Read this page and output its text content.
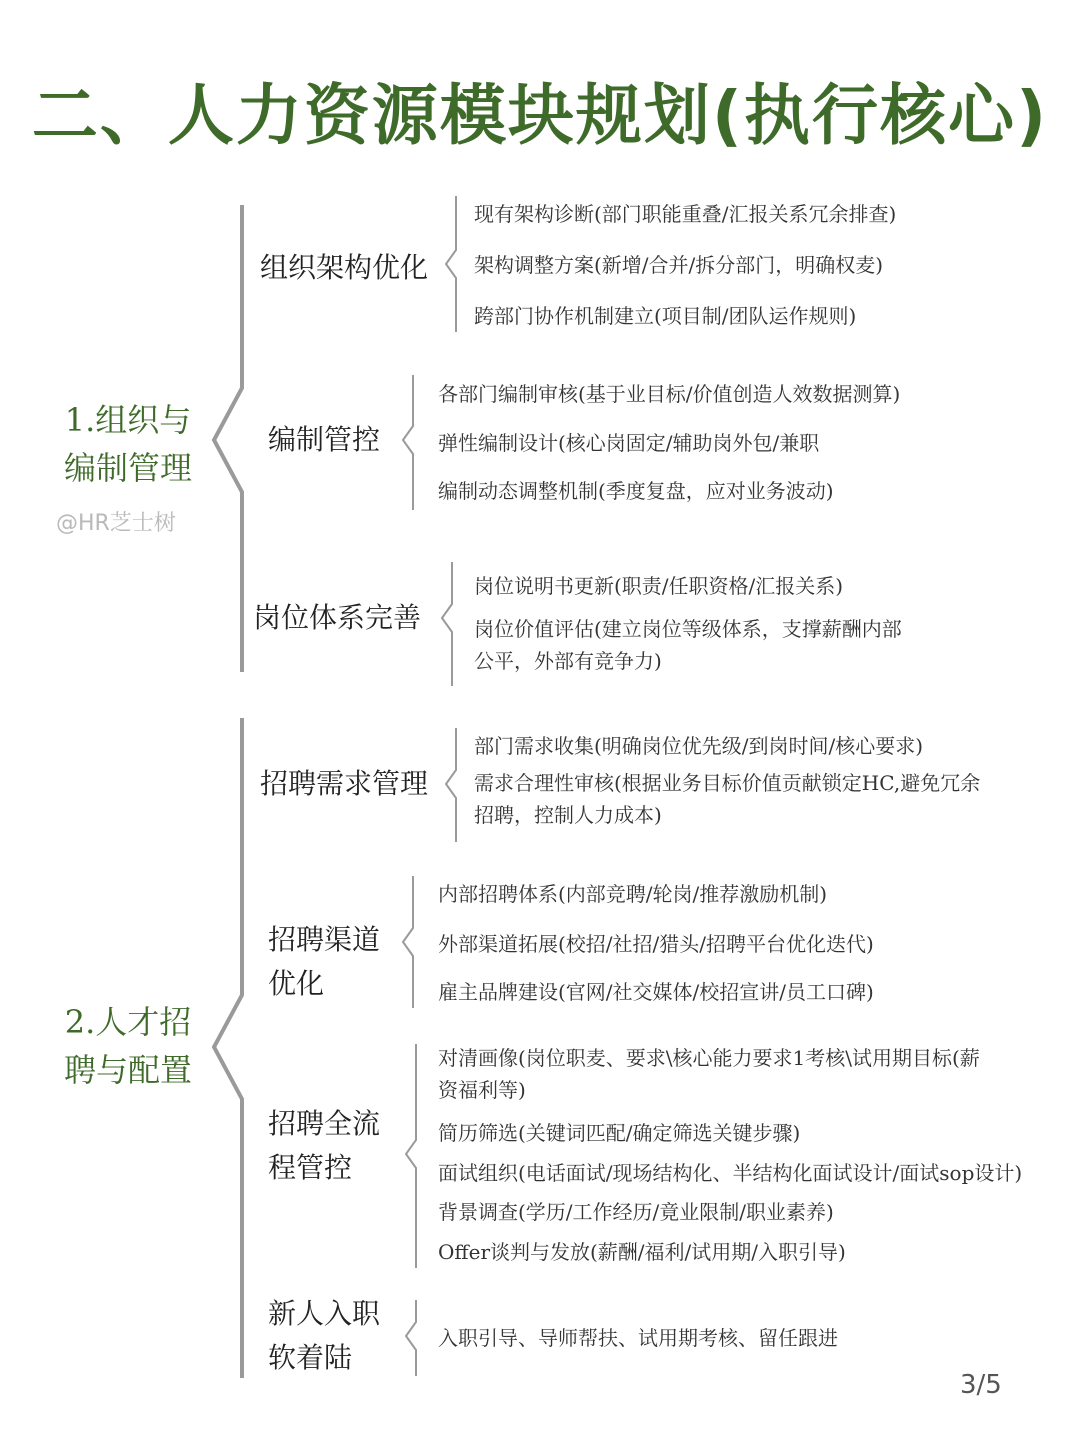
二、人力资源模块规划(执行核心)
1.组织与
编制管理
@HR芝士树
组织架构优化
现有架构诊断(部门职能重叠/汇报关系冗余排查)
架构调整方案(新增/合并/拆分部门，明确权麦)
跨部门协作机制建立(项目制/团队运作规则)
编制管控
各部门编制审核(基于业目标/价值创造人效数据测算)
弹性编制设计(核心岗固定/辅助岗外包/兼职
编制动态调整机制(季度复盘，应对业务波动)
岗位体系完善
岗位说明书更新(职责/任职资格/汇报关系)
岗位价值评估(建立岗位等级体系，支撑薪酬内部公平，外部有竞争力)
2.人才招
聘与配置
招聘需求管理
部门需求收集(明确岗位优先级/到岗时间/核心要求)
需求合理性审核(根据业务目标价值贡献锁定HC,避免冗余招聘，控制人力成本)
招聘渠道
优化
内部招聘体系(内部竞聘/轮岗/推荐激励机制)
外部渠道拓展(校招/社招/猎头/招聘平台优化迭代)
雇主品牌建设(官网/社交媒体/校招宣讲/员工口碑)
招聘全流
程管控
对清画像(岗位职麦、要求\核心能力要求1考核\试用期目标(薪资福利等)
简历筛选(关键词匹配/确定筛选关键步骤)
面试组织(电话面试/现场结构化、半结构化面试设计/面试sop设计)
背景调查(学历/工作经历/竟业限制/职业素养)
Offer谈判与发放(薪酬/福利/试用期/入职引导)
新人入职
软着陆
入职引导、导师帮扶、试用期考核、留任跟进
3/5
